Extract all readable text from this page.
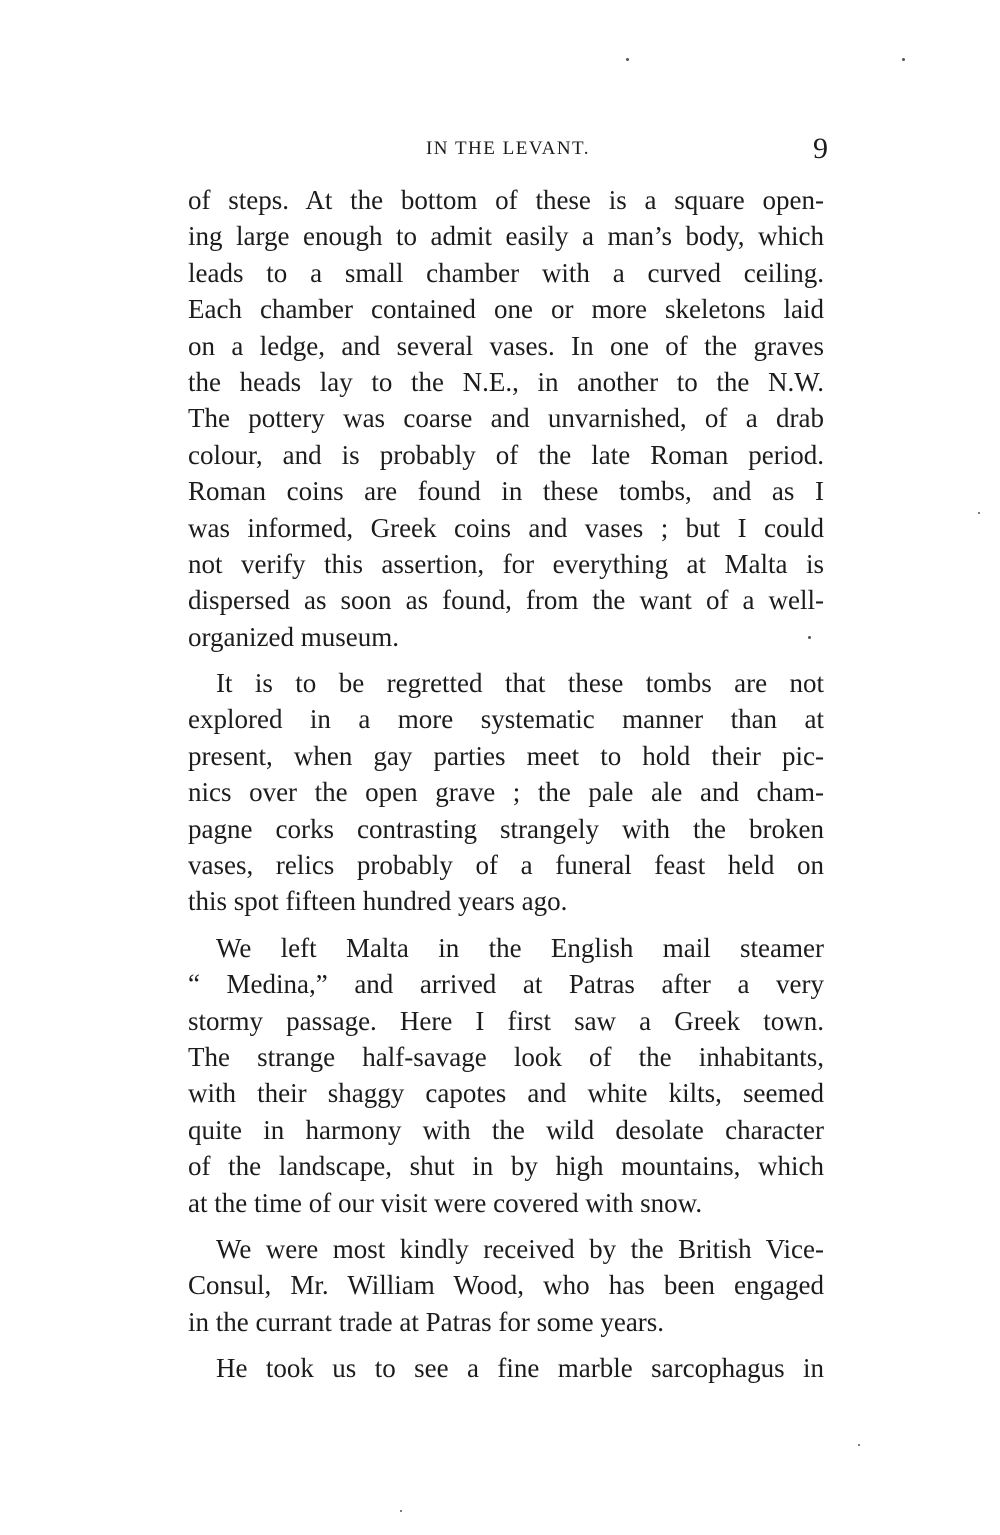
IN THE LEVANT.	9
of steps. At the bottom of these is a square open-
ing large enough to admit easily a man’s body, which
leads to a small chamber with a curved ceiling.
Each chamber contained one or more skeletons laid
on a ledge, and several vases. In one of the graves
the heads lay to the N.E., in another to the N.W.
The pottery was coarse and unvarnished, of a drab
colour, and is probably of the late Roman period.
Roman coins are found in these tombs, and as I
was informed, Greek coins and vases ; but I could
not verify this assertion, for everything at Malta is
dispersed as soon as found, from the want of a well-
organized museum.
It is to be regretted that these tombs are not
explored in a more systematic manner than at
present, when gay parties meet to hold their pic-
nics over the open grave ; the pale ale and cham-
pagne corks contrasting strangely with the broken
vases, relics probably of a funeral feast held on
this spot fifteen hundred years ago.
We left Malta in the English mail steamer
“ Medina,” and arrived at Patras after a very
stormy passage. Here I first saw a Greek town.
The strange half-savage look of the inhabitants,
with their shaggy capotes and white kilts, seemed
quite in harmony with the wild desolate character
of the landscape, shut in by high mountains, which
at the time of our visit were covered with snow.
We were most kindly received by the British Vice-
Consul, Mr. William Wood, who has been engaged
in the currant trade at Patras for some years.
He took us to see a fine marble sarcophagus in
